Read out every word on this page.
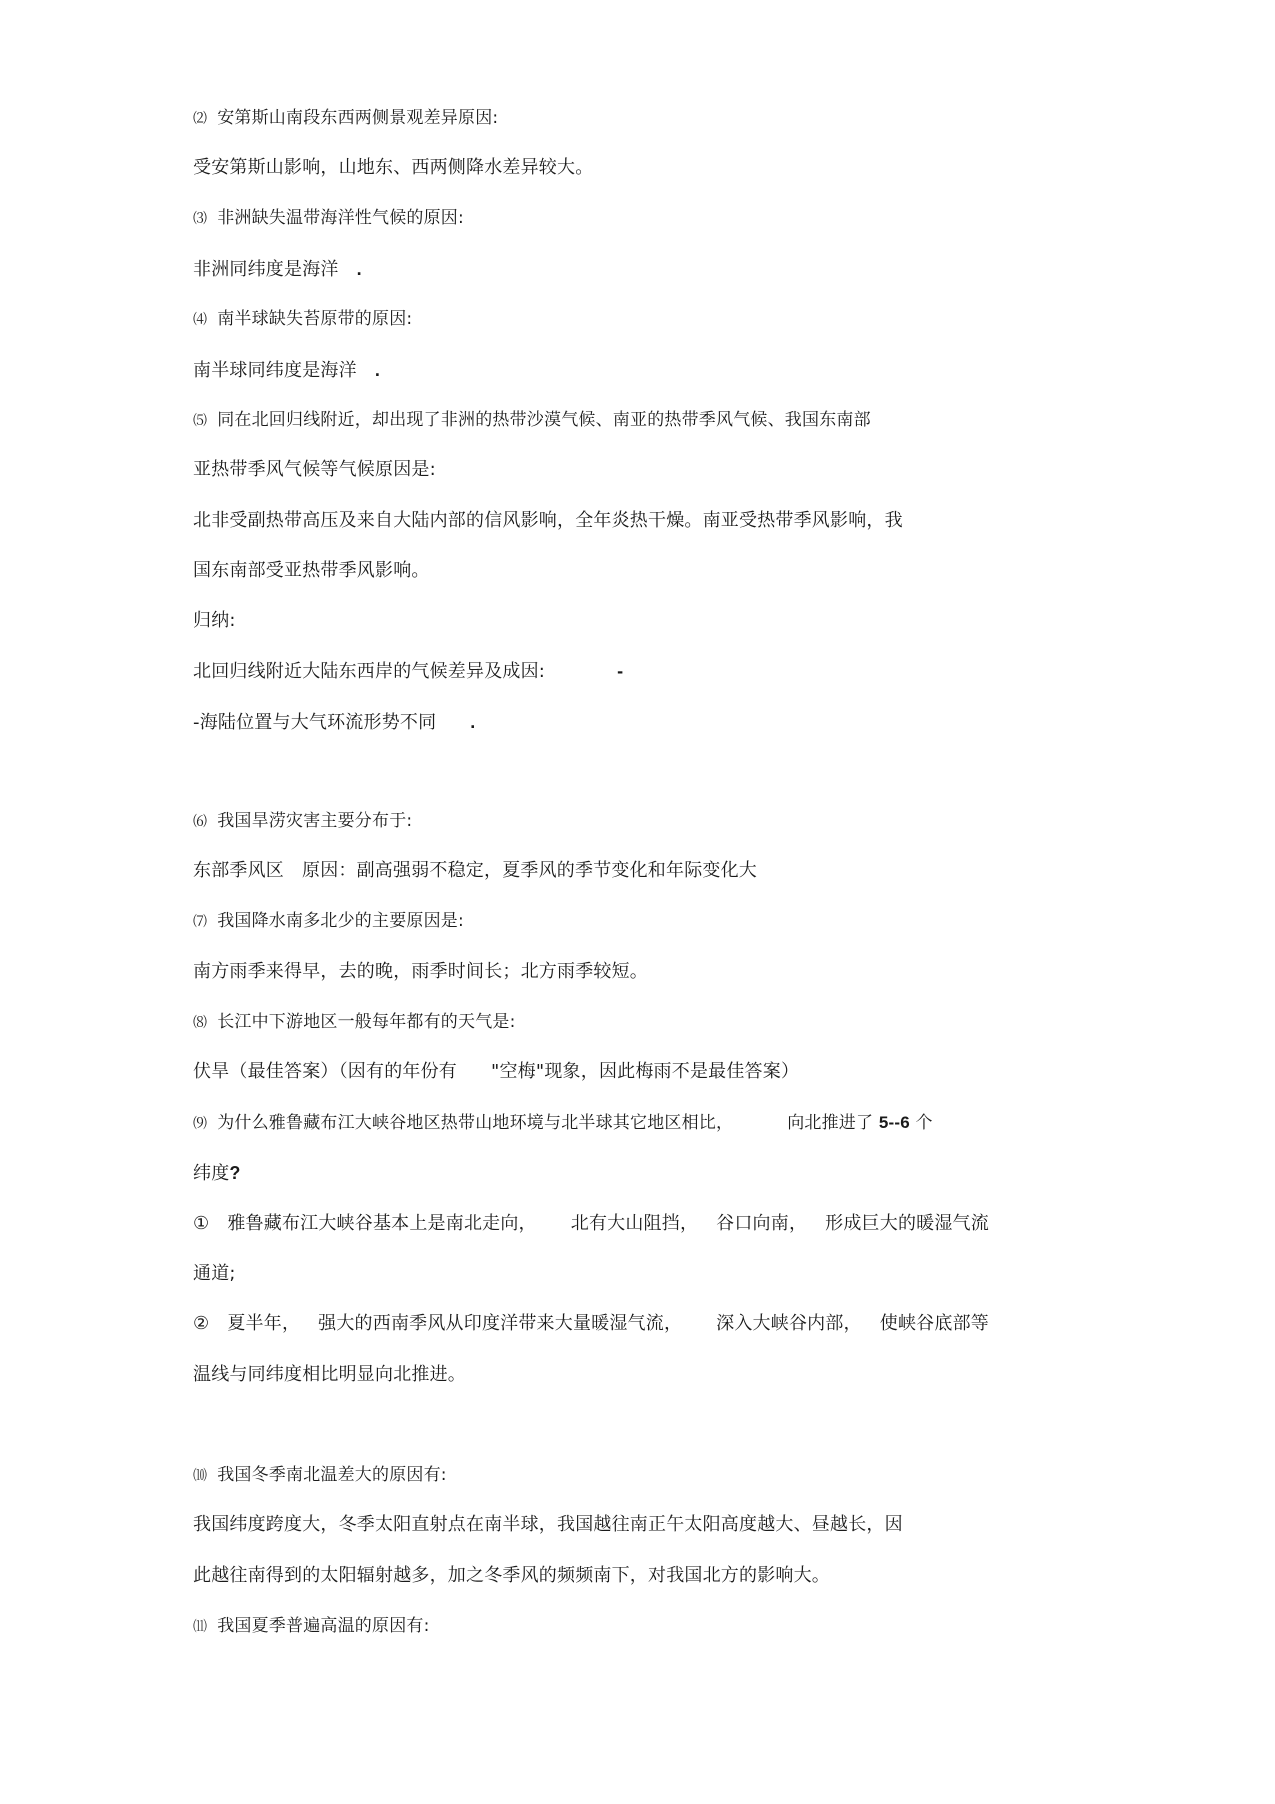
⑵ 安第斯山南段东西两侧景观差异原因:
受安第斯山影响，山地东、西两侧降水差异较大。
⑶ 非洲缺失温带海洋性气候的原因:
非洲同纬度是海洋 .
⑷ 南半球缺失苔原带的原因:
南半球同纬度是海洋 .
⑸ 同在北回归线附近，却出现了非洲的热带沙漠气候、南亚的热带季风气候、我国东南部
亚热带季风气候等气候原因是:
北非受副热带高压及来自大陆内部的信风影响，全年炎热干燥。南亚受热带季风影响，我
国东南部受亚热带季风影响。
归纳:
北回归线附近大陆东西岸的气候差异及成因:	-
-海陆位置与大气环流形势不同 .
⑹ 我国旱涝灾害主要分布于:
东部季风区 原因：副高强弱不稳定，夏季风的季节变化和年际变化大
⑺ 我国降水南多北少的主要原因是:
南方雨季来得早，去的晚，雨季时间长；北方雨季较短。
⑻ 长江中下游地区一般每年都有的天气是:
伏旱（最佳答案）（因有的年份有 "空梅"现象，因此梅雨不是最佳答案）
⑼ 为什么雅鲁藏布江大峡谷地区热带山地环境与北半球其它地区相比，	向北推进了 5--6 个
纬度?
① 雅鲁藏布江大峡谷基本上是南北走向， 北有大山阻挡， 谷口向南， 形成巨大的暖湿气流
通道;
② 夏半年， 强大的西南季风从印度洋带来大量暖湿气流， 深入大峡谷内部， 使峡谷底部等
温线与同纬度相比明显向北推进。
⑽ 我国冬季南北温差大的原因有:
我国纬度跨度大，冬季太阳直射点在南半球，我国越往南正午太阳高度越大、昼越长，因
此越往南得到的太阳辐射越多，加之冬季风的频频南下，对我国北方的影响大。
⑾ 我国夏季普遍高温的原因有:
